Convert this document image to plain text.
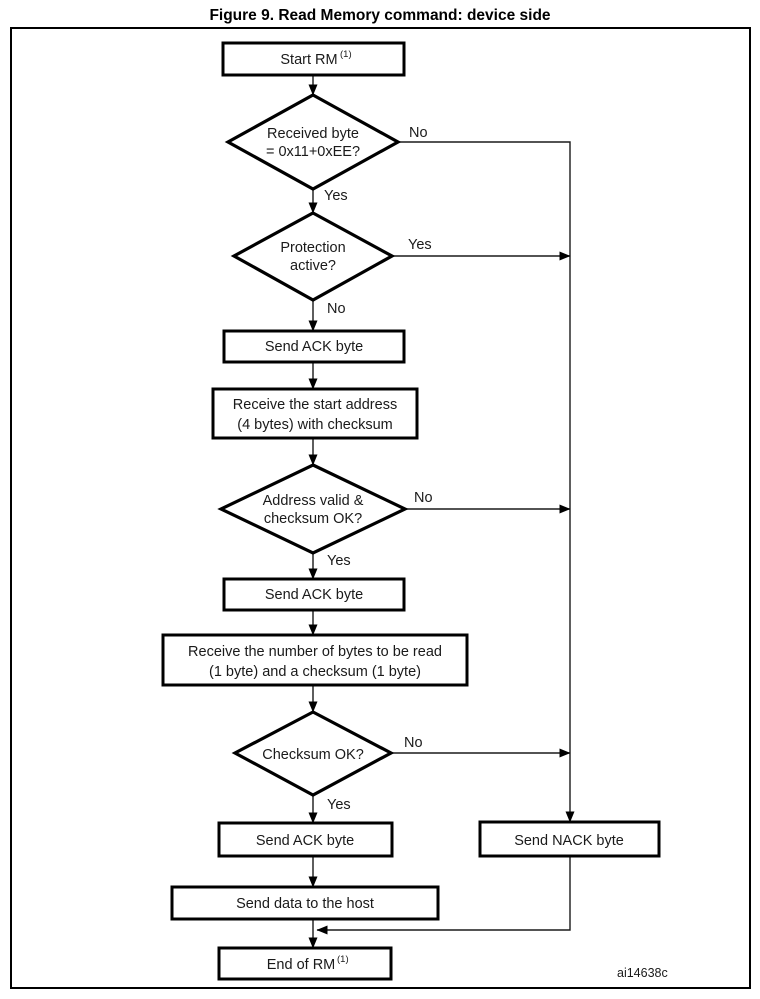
Figure 9. Read Memory command: device side
Start RM (1)
Received byte
= 0x11+0xEE?
Protection
active?
Send ACK byte
Receive the start address
(4 bytes) with checksum
Address valid &
checksum OK?
Send ACK byte
Receive the number of bytes to be read
(1 byte) and a checksum (1 byte)
Checksum OK?
Send ACK byte	Send NACK byte
Send data to the host
End of RM (1)
No
Yes
Yes
No
No
Yes
No
Yes
ai14638c
